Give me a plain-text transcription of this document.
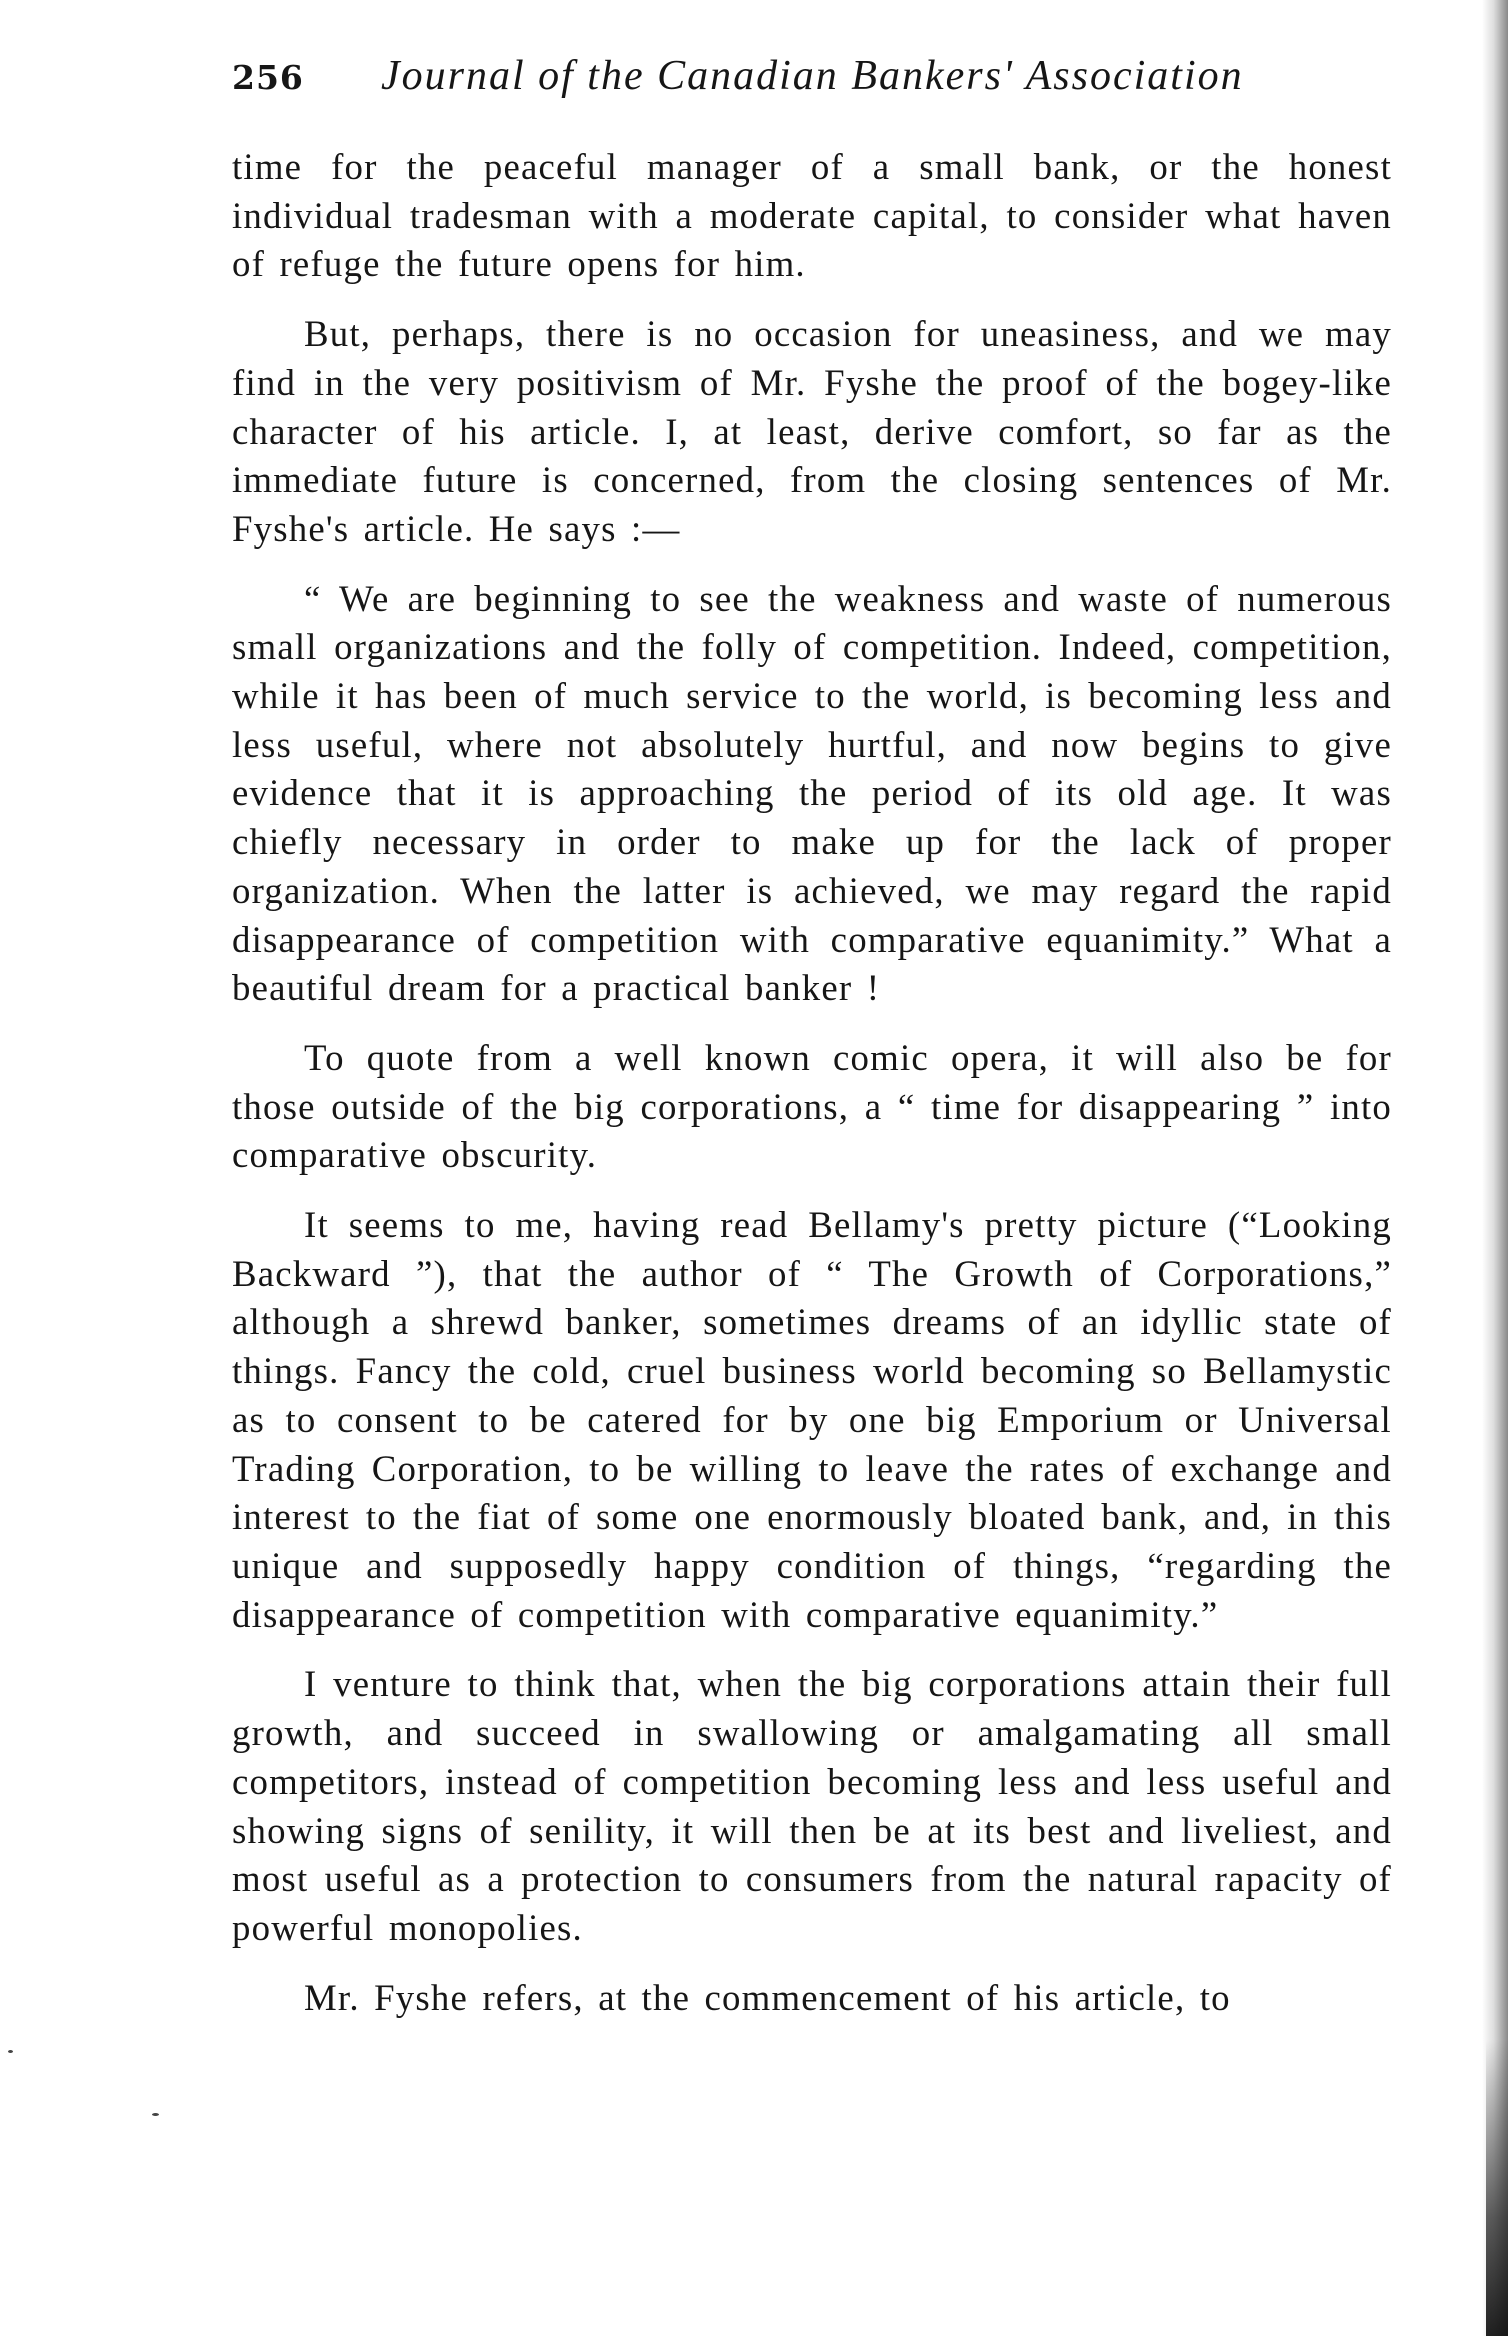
256 Journal of the Canadian Bankers' Association

time for the peaceful manager of a small bank, or the honest individual tradesman with a moderate capital, to consider what haven of refuge the future opens for him.

But, perhaps, there is no occasion for uneasiness, and we may find in the very positivism of Mr. Fyshe the proof of the bogey-like character of his article. I, at least, derive comfort, so far as the immediate future is concerned, from the closing sentences of Mr. Fyshe's article. He says :—

“ We are beginning to see the weakness and waste of numerous small organizations and the folly of competition. Indeed, competition, while it has been of much service to the world, is becoming less and less useful, where not absolutely hurtful, and now begins to give evidence that it is approaching the period of its old age. It was chiefly necessary in order to make up for the lack of proper organization. When the latter is achieved, we may regard the rapid disappearance of competition with comparative equanimity.” What a beautiful dream for a practical banker !

To quote from a well known comic opera, it will also be for those outside of the big corporations, a “ time for disappearing ” into comparative obscurity.

It seems to me, having read Bellamy's pretty picture (“Looking Backward ”), that the author of “ The Growth of Corporations,” although a shrewd banker, sometimes dreams of an idyllic state of things. Fancy the cold, cruel business world becoming so Bellamystic as to consent to be catered for by one big Emporium or Universal Trading Corporation, to be willing to leave the rates of exchange and interest to the fiat of some one enormously bloated bank, and, in this unique and supposedly happy condition of things, “regarding the disappearance of competition with comparative equanimity.”

I venture to think that, when the big corporations attain their full growth, and succeed in swallowing or amalgamating all small competitors, instead of competition becoming less and less useful and showing signs of senility, it will then be at its best and liveliest, and most useful as a protection to consumers from the natural rapacity of powerful monopolies.

Mr. Fyshe refers, at the commencement of his article, to
